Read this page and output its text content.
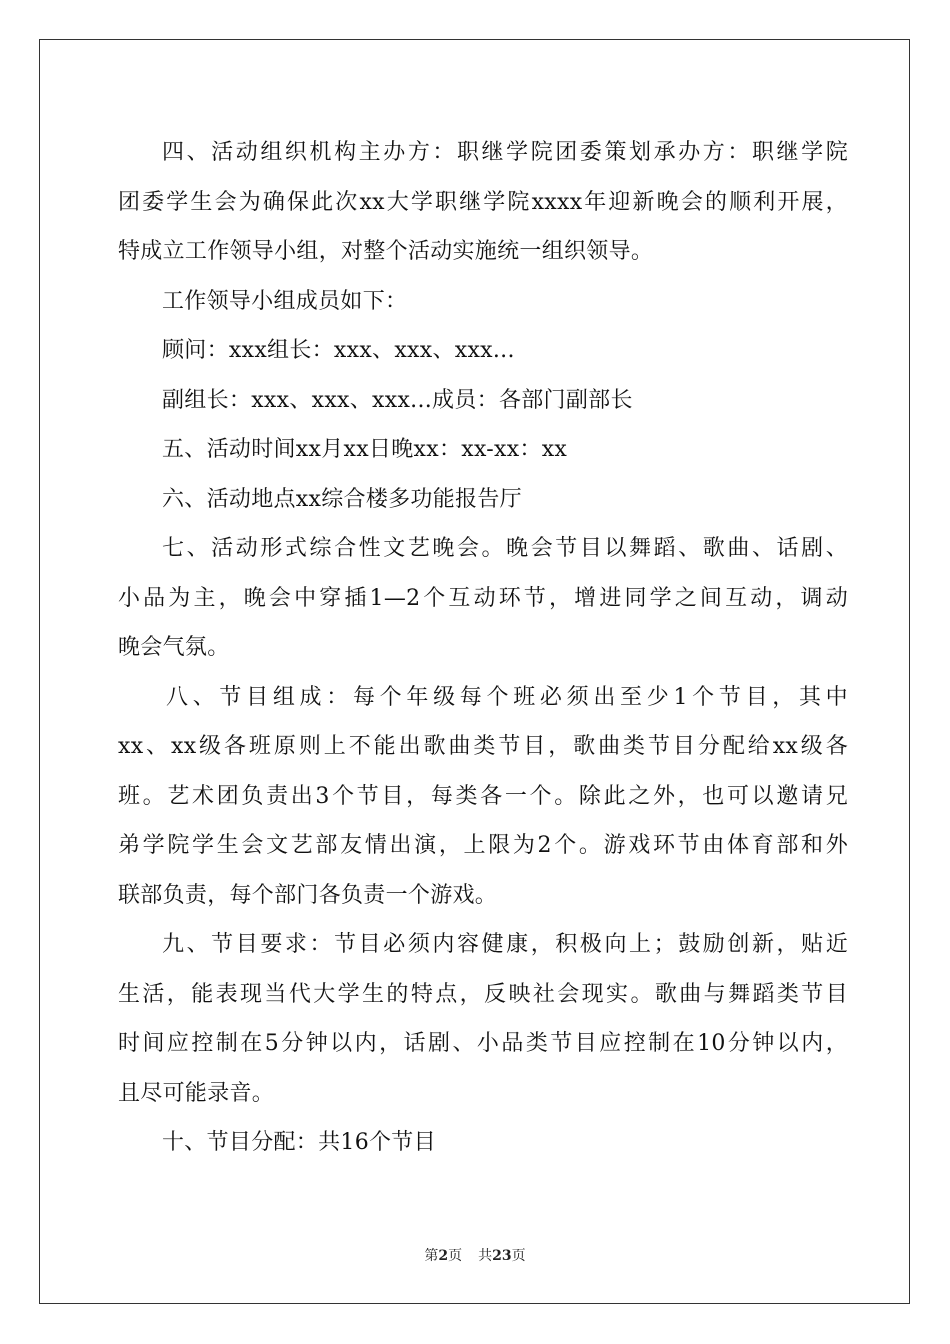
四、活动组织机构主办方：职继学院团委策划承办方：职继学院
团委学生会为确保此次xx大学职继学院xxxx年迎新晚会的顺利开展，
特成立工作领导小组，对整个活动实施统一组织领导。
工作领导小组成员如下：
顾问：xxx组长：xxx、xxx、xxx...
副组长：xxx、xxx、xxx...成员：各部门副部长
五、活动时间xx月xx日晚xx：xx-xx：xx
六、活动地点xx综合楼多功能报告厅
七、活动形式综合性文艺晚会。晚会节目以舞蹈、歌曲、话剧、
小品为主，晚会中穿插1—2个互动环节，增进同学之间互动，调动
晚会气氛。
八、节目组成：每个年级每个班必须出至少1个节目，其中
xx、xx级各班原则上不能出歌曲类节目，歌曲类节目分配给xx级各
班。艺术团负责出3个节目，每类各一个。除此之外，也可以邀请兄
弟学院学生会文艺部友情出演，上限为2个。游戏环节由体育部和外
联部负责，每个部门各负责一个游戏。
九、节目要求：节目必须内容健康，积极向上；鼓励创新，贴近
生活，能表现当代大学生的特点，反映社会现实。歌曲与舞蹈类节目
时间应控制在5分钟以内，话剧、小品类节目应控制在10分钟以内，
且尽可能录音。
十、节目分配：共16个节目
第2页 共23页
